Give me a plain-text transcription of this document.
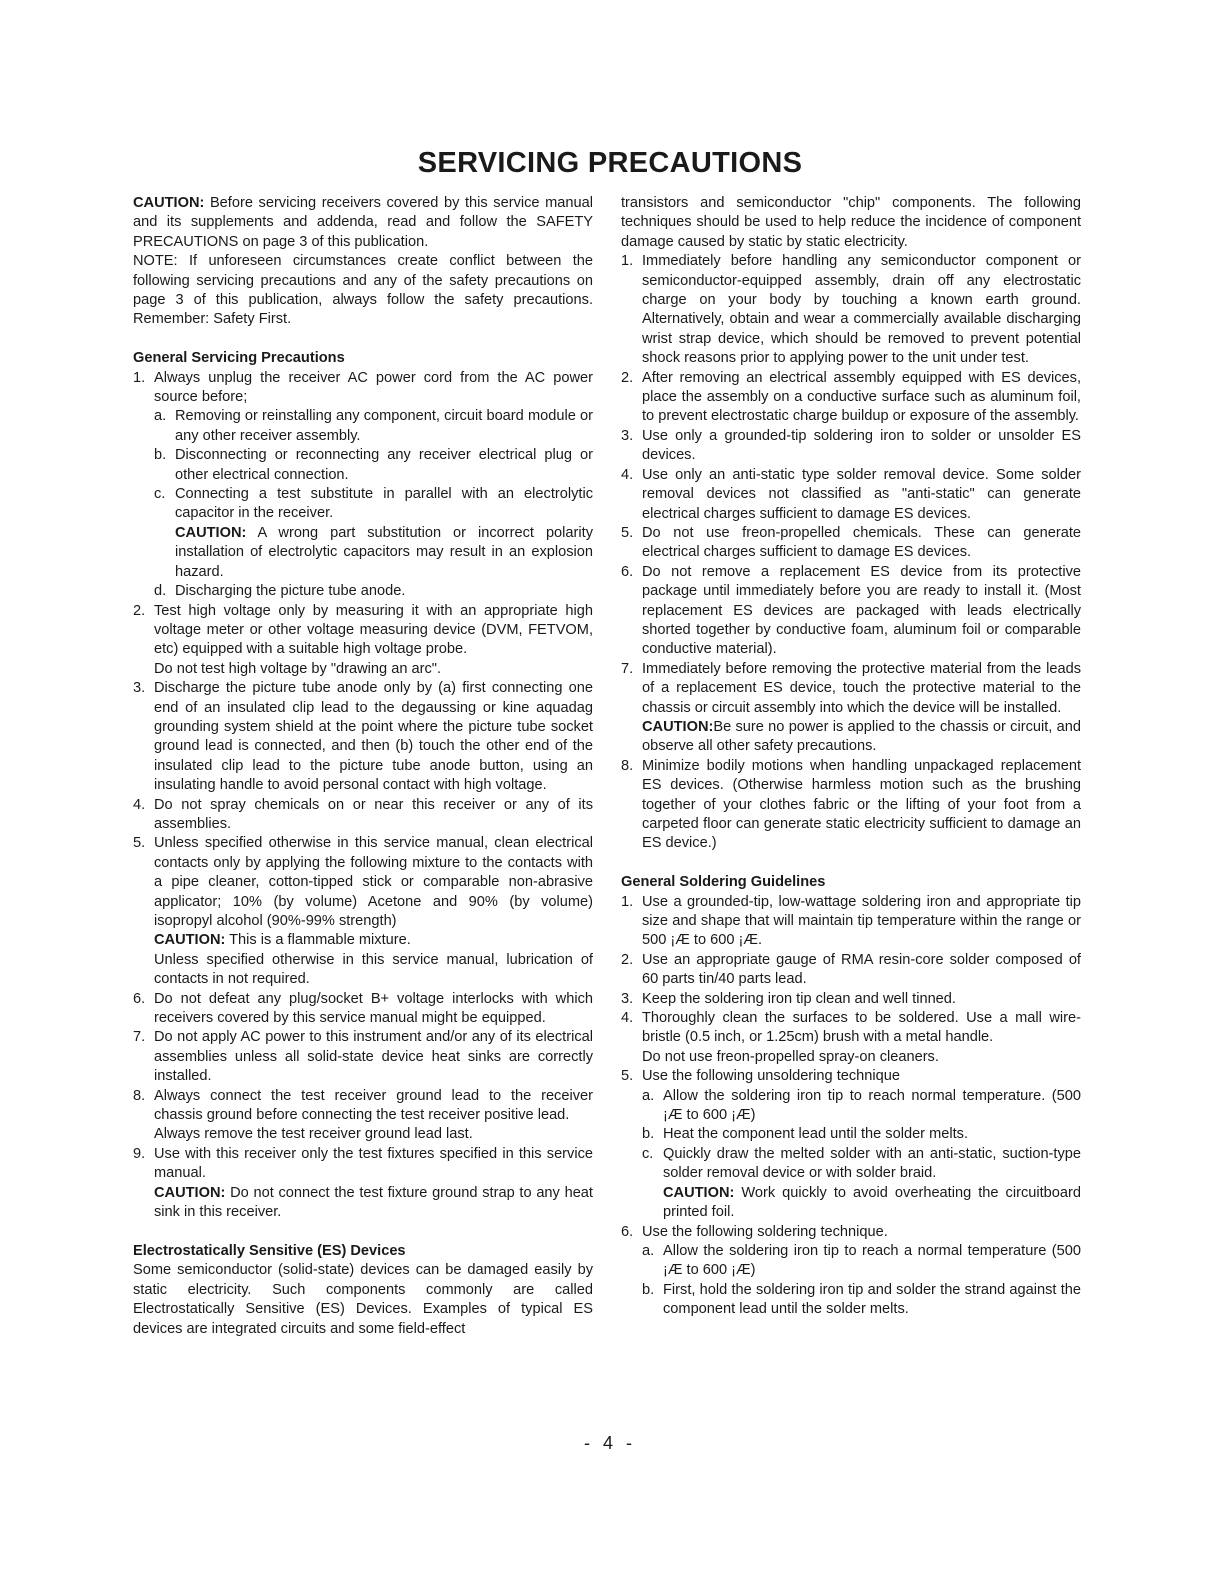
SERVICING PRECAUTIONS

CAUTION: Before servicing receivers covered by this service manual and its supplements and addenda, read and follow the SAFETY PRECAUTIONS on page 3 of this publication.

NOTE: If unforeseen circumstances create conflict between the following servicing precautions and any of the safety precautions on page 3 of this publication, always follow the safety precautions. Remember: Safety First.

General Servicing Precautions

1. Always unplug the receiver AC power cord from the AC power source before;
a. Removing or reinstalling any component, circuit board module or any other receiver assembly.
b. Disconnecting or reconnecting any receiver electrical plug or other electrical connection.
c. Connecting a test substitute in parallel with an electrolytic capacitor in the receiver.

CAUTION: A wrong part substitution or incorrect polarity installation of electrolytic capacitors may result in an explosion hazard.

d. Discharging the picture tube anode.
2. Test high voltage only by measuring it with an appropriate high voltage meter or other voltage measuring device (DVM, FETVOM, etc) equipped with a suitable high voltage probe.

Do not test high voltage by "drawing an arc".

3. Discharge the picture tube anode only by (a) first connecting one end of an insulated clip lead to the degaussing or kine aquadag grounding system shield at the point where the picture tube socket ground lead is connected, and then (b) touch the other end of the insulated clip lead to the picture tube anode button, using an insulating handle to avoid personal contact with high voltage.
4. Do not spray chemicals on or near this receiver or any of its assemblies.
5. Unless specified otherwise in this service manual, clean electrical contacts only by applying the following mixture to the contacts with a pipe cleaner, cotton-tipped stick or comparable non-abrasive applicator; 10% (by volume) Acetone and 90% (by volume) isopropyl alcohol (90%-99% strength)

CAUTION: This is a flammable mixture.

Unless specified otherwise in this service manual, lubrication of contacts in not required.

6. Do not defeat any plug/socket B+ voltage interlocks with which receivers covered by this service manual might be equipped.
7. Do not apply AC power to this instrument and/or any of its electrical assemblies unless all solid-state device heat sinks are correctly installed.
8. Always connect the test receiver ground lead to the receiver chassis ground before connecting the test receiver positive lead.

Always remove the test receiver ground lead last.

9. Use with this receiver only the test fixtures specified in this service manual.

CAUTION: Do not connect the test fixture ground strap to any heat sink in this receiver.

Electrostatically Sensitive (ES) Devices

Some semiconductor (solid-state) devices can be damaged easily by static electricity. Such components commonly are called Electrostatically Sensitive (ES) Devices. Examples of typical ES devices are integrated circuits and some field-effect

transistors and semiconductor "chip" components. The following techniques should be used to help reduce the incidence of component damage caused by static by static electricity.

1. Immediately before handling any semiconductor component or semiconductor-equipped assembly, drain off any electrostatic charge on your body by touching a known earth ground. Alternatively, obtain and wear a commercially available discharging wrist strap device, which should be removed to prevent potential shock reasons prior to applying power to the unit under test.
2. After removing an electrical assembly equipped with ES devices, place the assembly on a conductive surface such as aluminum foil, to prevent electrostatic charge buildup or exposure of the assembly.
3. Use only a grounded-tip soldering iron to solder or unsolder ES devices.
4. Use only an anti-static type solder removal device. Some solder removal devices not classified as "anti-static" can generate electrical charges sufficient to damage ES devices.
5. Do not use freon-propelled chemicals. These can generate electrical charges sufficient to damage ES devices.
6. Do not remove a replacement ES device from its protective package until immediately before you are ready to install it. (Most replacement ES devices are packaged with leads electrically shorted together by conductive foam, aluminum foil or comparable conductive material).
7. Immediately before removing the protective material from the leads of a replacement ES device, touch the protective material to the chassis or circuit assembly into which the device will be installed.

CAUTION:Be sure no power is applied to the chassis or circuit, and observe all other safety precautions.

8. Minimize bodily motions when handling unpackaged replacement ES devices. (Otherwise harmless motion such as the brushing together of your clothes fabric or the lifting of your foot from a carpeted floor can generate static electricity sufficient to damage an ES device.)

General Soldering Guidelines

1. Use a grounded-tip, low-wattage soldering iron and appropriate tip size and shape that will maintain tip temperature within the range or 500 ¡Æ to 600 ¡Æ.
2. Use an appropriate gauge of RMA resin-core solder composed of 60 parts tin/40 parts lead.
3. Keep the soldering iron tip clean and well tinned.
4. Thoroughly clean the surfaces to be soldered. Use a mall wire-bristle (0.5 inch, or 1.25cm) brush with a metal handle.

Do not use freon-propelled spray-on cleaners.

5. Use the following unsoldering technique
a. Allow the soldering iron tip to reach normal temperature. (500 ¡Æ to 600 ¡Æ)
b. Heat the component lead until the solder melts.
c. Quickly draw the melted solder with an anti-static, suction-type solder removal device or with solder braid.

CAUTION: Work quickly to avoid overheating the circuitboard printed foil.

6. Use the following soldering technique.
a. Allow the soldering iron tip to reach a normal temperature (500 ¡Æ to 600 ¡Æ)
b. First, hold the soldering iron tip and solder the strand against the component lead until the solder melts.
- 4 -
